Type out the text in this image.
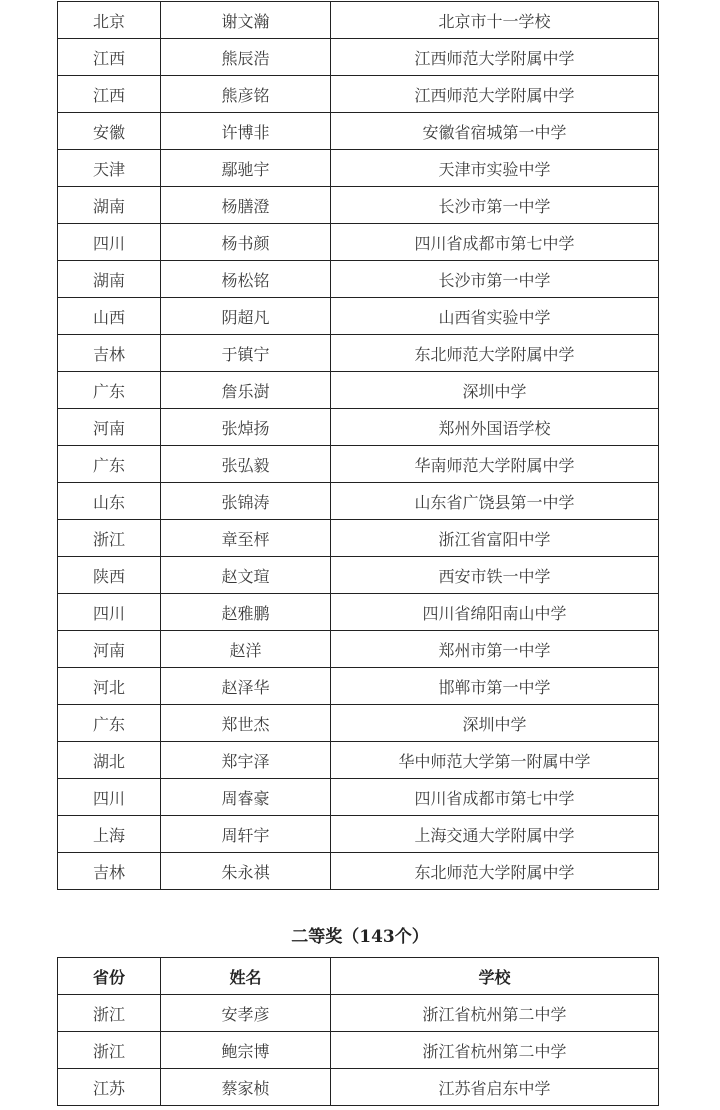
北京	谢文瀚	北京市十一学校
江西	熊辰浩	江西师范大学附属中学
江西	熊彦铭	江西师范大学附属中学
安徽	许博非	安徽省宿城第一中学
天津	鄢驰宇	天津市实验中学
湖南	杨膳澄	长沙市第一中学
四川	杨书颜	四川省成都市第七中学
湖南	杨松铭	长沙市第一中学
山西	阴超凡	山西省实验中学
吉林	于镇宁	东北师范大学附属中学
广东	詹乐澍	深圳中学
河南	张焯扬	郑州外国语学校
广东	张弘毅	华南师范大学附属中学
山东	张锦涛	山东省广饶县第一中学
浙江	章至枰	浙江省富阳中学
陕西	赵文瑄	西安市铁一中学
四川	赵雅鹏	四川省绵阳南山中学
河南	赵洋	郑州市第一中学
河北	赵泽华	邯郸市第一中学
广东	郑世杰	深圳中学
湖北	郑宇泽	华中师范大学第一附属中学
四川	周睿豪	四川省成都市第七中学
上海	周轩宇	上海交通大学附属中学
吉林	朱永祺	东北师范大学附属中学
二等奖（143个）
省份	姓名	学校
浙江	安孝彦	浙江省杭州第二中学
浙江	鲍宗博	浙江省杭州第二中学
江苏	蔡家桢	江苏省启东中学
